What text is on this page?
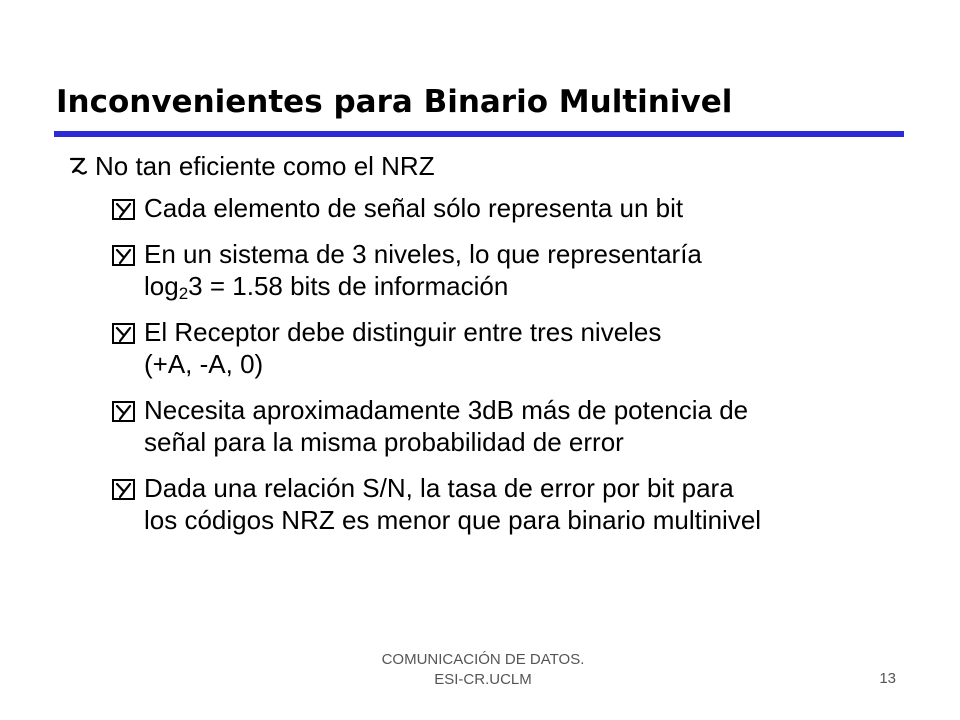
Inconvenientes para Binario Multinivel
No tan eficiente como el NRZ
Cada elemento de señal sólo representa un bit
En un sistema de 3 niveles, lo que representaría
$\log_23 = 1.58$ bits de información
El Receptor debe distinguir entre tres niveles
(+A, -A, 0)
Necesita aproximadamente 3dB más de potencia de
señal para la misma probabilidad de error
Dada una relación S/N, la tasa de error por bit para
los códigos NRZ es menor que para binario multinivel
COMUNICACIÓN DE DATOS.
ESI-CR.UCLM	13
